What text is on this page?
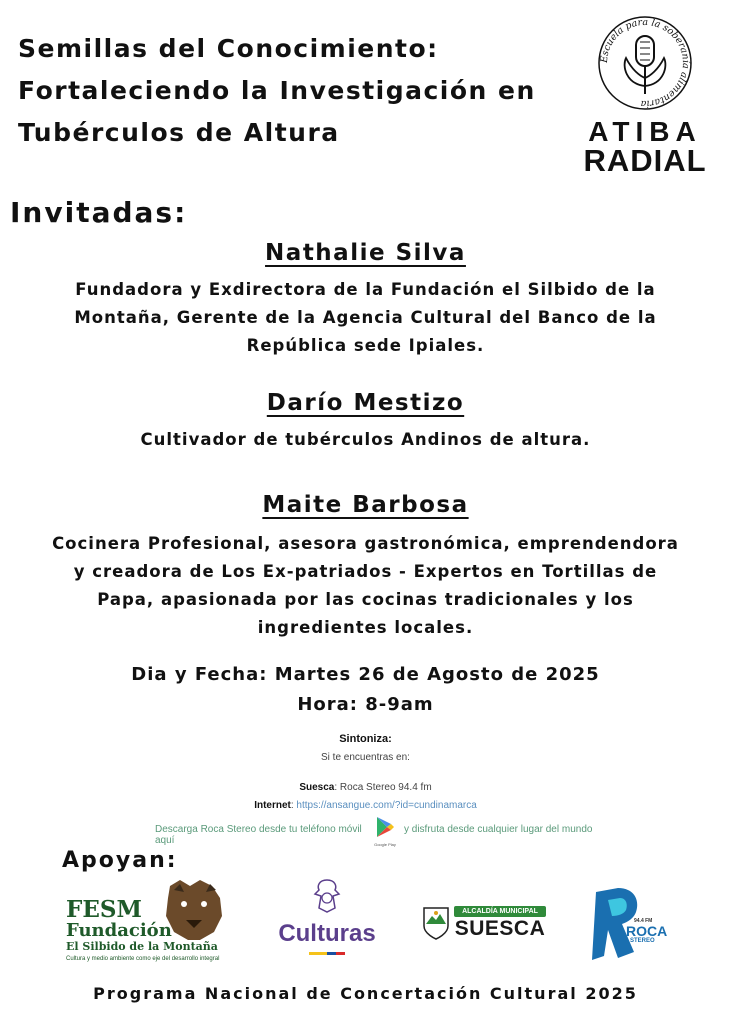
Semillas del Conocimiento:
Fortaleciendo la Investigación en
Tubérculos de Altura
Escuela para la soberanía alimentaria
ATIBA
RADIAL
Invitadas:
Nathalie Silva
Fundadora y Exdirectora de la Fundación el Silbido de la
Montaña, Gerente de la Agencia Cultural del Banco de la
República sede Ipiales.
Darío Mestizo
Cultivador de tubérculos Andinos de altura.
Maite Barbosa
Cocinera Profesional, asesora gastronómica, emprendendora
y creadora de Los Ex-patriados - Expertos en Tortillas de
Papa, apasionada por las cocinas tradicionales y los
ingredientes locales.
Dia y Fecha: Martes 26 de Agosto de 2025
Hora: 8-9am
Sintoniza:
Si te encuentras en:
Suesca: Roca Stereo 94.4 fm
Internet: https://ansangue.com/?id=cundinamarca
Descarga Roca Stereo desde tu teléfono móvil aquí	Google Play
y disfruta desde cualquier lugar del mundo
Apoyan:
FESM
Fundación
El Silbido de la Montaña
Cultura y medio ambiente como eje del desarrollo integral
Culturas
ALCALDÍA MUNICIPAL
SUESCA	94.4 FM
ROCA
STEREO
Programa Nacional de Concertación Cultural 2025
